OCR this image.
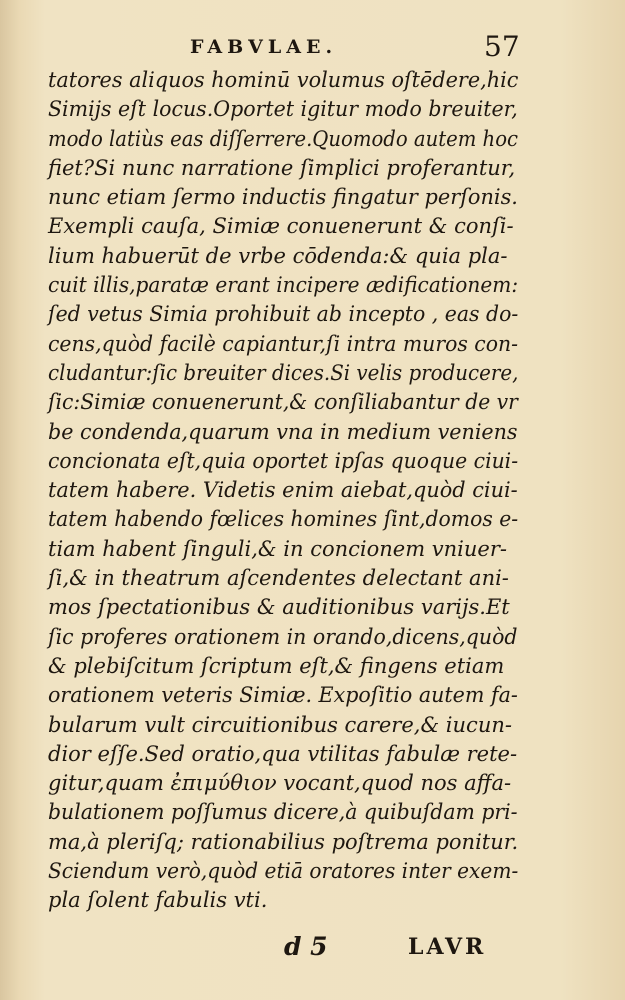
FABVLAE.	57
tatores aliquos hominū volumus oſtēdere,hic
Simijs eſt locus.Oportet igitur modo breuiter,
modo latiùs eas diſſerrere.Quomodo autem hoc
fiet?Si nunc narratione ſimplici proferantur,
nunc etiam ſermo inductis fingatur perſonis.
Exempli cauſa, Simiæ conuenerunt & conſi-
lium habuerūt de vrbe cōdenda:& quia pla-
cuit illis,paratæ erant incipere ædificationem:
ſed vetus Simia prohibuit ab incepto , eas do-
cens,quòd facilè capiantur,ſi intra muros con-
cludantur:ſic breuiter dices.Si velis producere,
ſic:Simiæ conuenerunt,& conſiliabantur de vr
be condenda,quarum vna in medium veniens
concionata eſt,quia oportet ipſas quoque ciui-
tatem habere. Videtis enim aiebat,quòd ciui-
tatem habendo fœlices homines ſint,domos e-
tiam habent ſinguli,& in concionem vniuer-
ſi,& in theatrum aſcendentes delectant ani-
mos ſpectationibus & auditionibus varijs.Et
ſic proferes orationem in orando,dicens,quòd
& plebiſcitum ſcriptum eſt,& fingens etiam
orationem veteris Simiæ. Expoſitio autem fa-
bularum vult circuitionibus carere,& iucun-
dior eſſe.Sed oratio,qua vtilitas fabulæ rete-
gitur,quam ἐπιμύθιον vocant,quod nos affa-
bulationem poſſumus dicere,à quibuſdam pri-
ma,à pleriſq; rationabilius poſtrema ponitur.
Sciendum verò,quòd etiā oratores inter exem-
pla ſolent fabulis vti.
d 5	LAVR
